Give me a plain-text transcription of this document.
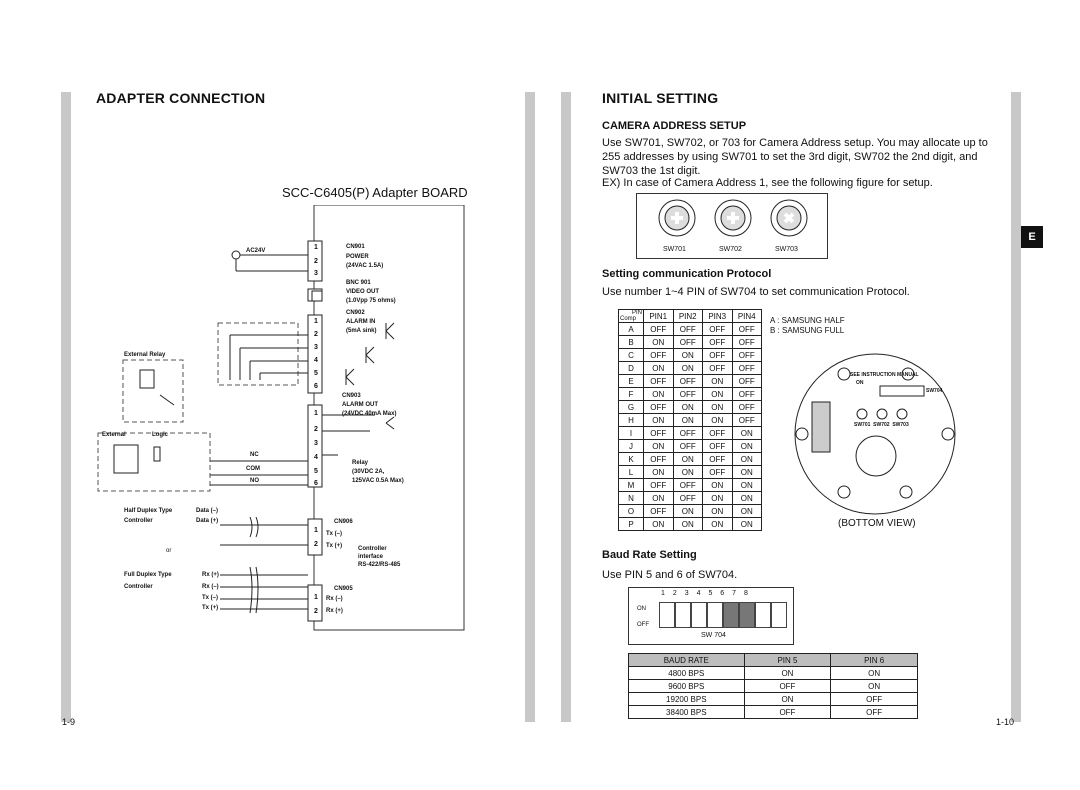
ADAPTER CONNECTION
SCC-C6405(P) Adapter BOARD
AC24V	1
2
3
CN901
POWER
(24VAC 1.5A)
BNC 901
VIDEO OUT
(1.0Vpp 75 ohms)
CN902
ALARM IN
(5mA sink)
1
2
3
4
5
6
External Relay
CN903
ALARM OUT
(24VDC 40mA Max)
1
2
3
4
5
6
External	Logic
NC
COM
NO
Relay
(30VDC 2A,
125VAC 0.5A Max)
Half Duplex Type
Controller
Data (–)
Data (+)	CN906
Tx (–)
Tx (+)
1
2
or	Controller
interface
RS-422/RS-485
Full Duplex Type
Controller
Rx (+)
Rx (–)
Tx (–)
Tx (+)
CN905
Rx (–)
Rx (+)
1
2
1-9
INITIAL SETTING
CAMERA ADDRESS SETUP
Use SW701, SW702, or 703 for Camera Address setup. You may allocate up to 255 addresses by using SW701 to set the 3rd digit, SW702 the 2nd digit, and SW703 the 1st digit.
EX) In case of Camera Address 1, see the following figure for setup.
SW701	SW702	SW703
Setting communication Protocol
Use number 1~4 PIN of SW704 to set communication Protocol.
PIN
Comp	PIN1	PIN2	PIN3	PIN4
A	OFF	OFF	OFF	OFF
B	ON	OFF	OFF	OFF
C	OFF	ON	OFF	OFF
D	ON	ON	OFF	OFF
E	OFF	OFF	ON	OFF
F	ON	OFF	ON	OFF
G	OFF	ON	ON	OFF
H	ON	ON	ON	OFF
I	OFF	OFF	OFF	ON
J	ON	OFF	OFF	ON
K	OFF	ON	OFF	ON
L	ON	ON	OFF	ON
M	OFF	OFF	ON	ON
N	ON	OFF	ON	ON
O	OFF	ON	ON	ON
P	ON	ON	ON	ON
A : SAMSUNG HALF
B : SAMSUNG FULL
SEE INSTRUCTION MANUAL
ON
SW704
SW701  SW702  SW703
(BOTTOM VIEW)
E
Baud Rate Setting
Use PIN 5 and 6 of SW704.
1 2 3 4 5 6 7 8
ON
OFF
SW 704
BAUD RATE	PIN 5	PIN 6
4800 BPS	ON	ON
9600 BPS	OFF	ON
19200 BPS	ON	OFF
38400 BPS	OFF	OFF
1-10
